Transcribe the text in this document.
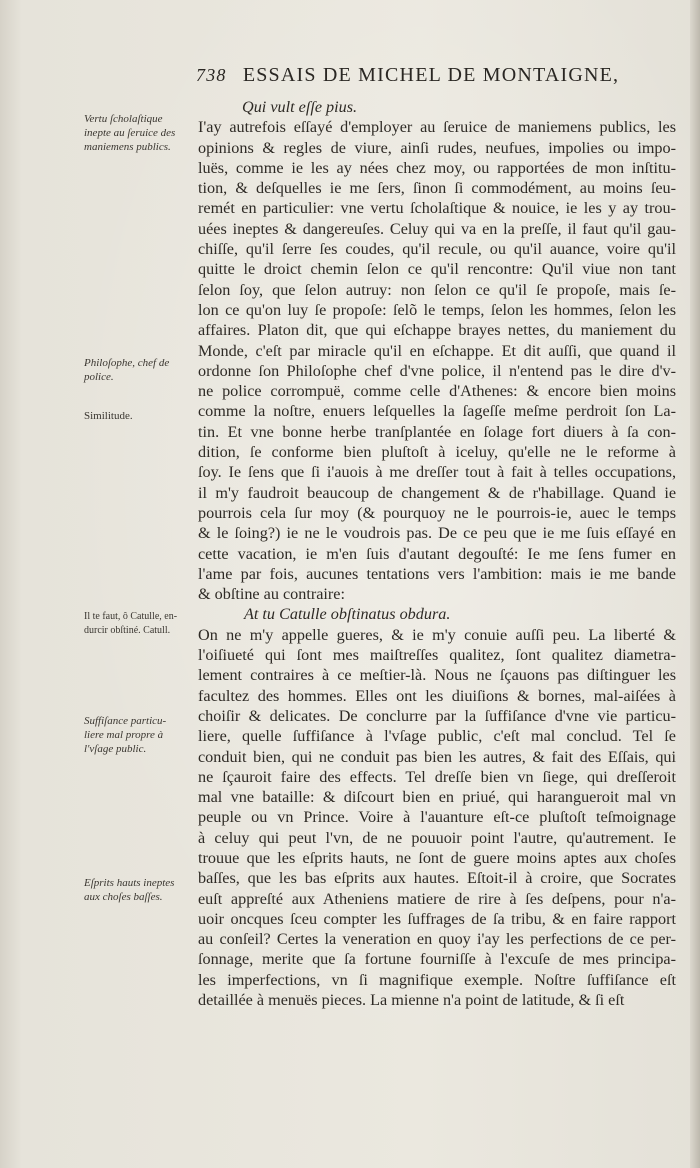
738 ESSAIS DE MICHEL DE MONTAIGNE,
Vertu ſcholaſtique
inepte au ſeruice des
maniemens publics.
Philoſophe, chef de
police.
Similitude.
Il te faut, ô Catulle, en-
durcir obſtiné. Catull.
Suffiſance particu-
liere mal propre à
l'vſage public.
Eſprits hauts ineptes
aux choſes baſſes.
Qui vult eſſe pius.
I'ay autrefois eſſayé d'employer au ſeruice de maniemens publics, les
opinions & regles de viure, ainſi rudes, neufues, impolies ou impo-
luës, comme ie les ay nées chez moy, ou rapportées de mon inſtitu-
tion, & deſquelles ie me ſers, ſinon ſi commodément, au moins ſeu-
remét en particulier: vne vertu ſcholaſtique & nouice, ie les y ay trou-
uées ineptes & dangereuſes. Celuy qui va en la preſſe, il faut qu'il gau-
chiſſe, qu'il ſerre ſes coudes, qu'il recule, ou qu'il auance, voire qu'il
quitte le droict chemin ſelon ce qu'il rencontre: Qu'il viue non tant
ſelon ſoy, que ſelon autruy: non ſelon ce qu'il ſe propoſe, mais ſe-
lon ce qu'on luy ſe propoſe: ſelõ le temps, ſelon les hommes, ſelon les
affaires. Platon dit, que qui eſchappe brayes nettes, du maniement du
Monde, c'eſt par miracle qu'il en eſchappe. Et dit auſſi, que quand il
ordonne ſon Philoſophe chef d'vne police, il n'entend pas le dire d'v-
ne police corrompuë, comme celle d'Athenes: & encore bien moins
comme la noſtre, enuers leſquelles la ſageſſe meſme perdroit ſon La-
tin. Et vne bonne herbe tranſplantée en ſolage fort diuers à ſa con-
dition, ſe conforme bien pluſtoſt à iceluy, qu'elle ne le reforme à
ſoy. Ie ſens que ſi i'auois à me dreſſer tout à fait à telles occupations,
il m'y faudroit beaucoup de changement & de r'habillage. Quand ie
pourrois cela ſur moy (& pourquoy ne le pourrois-ie, auec le temps
& le ſoing?) ie ne le voudrois pas. De ce peu que ie me ſuis eſſayé en
cette vacation, ie m'en ſuis d'autant degouſté: Ie me ſens fumer en
l'ame par fois, aucunes tentations vers l'ambition: mais ie me bande
& obſtine au contraire:
At tu Catulle obſtinatus obdura.
On ne m'y appelle gueres, & ie m'y conuie auſſi peu. La liberté &
l'oiſiueté qui ſont mes maiſtreſſes qualitez, ſont qualitez diametra-
lement contraires à ce meſtier-là. Nous ne ſçauons pas diſtinguer les
facultez des hommes. Elles ont les diuiſions & bornes, mal-aiſées à
choiſir & delicates. De conclurre par la ſuffiſance d'vne vie particu-
liere, quelle ſuffiſance à l'vſage public, c'eſt mal conclud. Tel ſe
conduit bien, qui ne conduit pas bien les autres, & fait des Eſſais, qui
ne ſçauroit faire des effects. Tel dreſſe bien vn ſiege, qui dreſſeroit
mal vne bataille: & diſcourt bien en priué, qui harangueroit mal vn
peuple ou vn Prince. Voire à l'auanture eſt-ce pluſtoſt teſmoignage
à celuy qui peut l'vn, de ne pouuoir point l'autre, qu'autrement. Ie
trouue que les eſprits hauts, ne ſont de guere moins aptes aux choſes
baſſes, que les bas eſprits aux hautes. Eſtoit-il à croire, que Socrates
euſt appreſté aux Atheniens matiere de rire à ſes deſpens, pour n'a-
uoir oncques ſceu compter les ſuffrages de ſa tribu, & en faire rapport
au conſeil? Certes la veneration en quoy i'ay les perfections de ce per-
ſonnage, merite que ſa fortune fourniſſe à l'excuſe de mes principa-
les imperfections, vn ſi magnifique exemple. Noſtre ſuffiſance eſt
detaillée à menuës pieces. La mienne n'a point de latitude, & ſi eſt
